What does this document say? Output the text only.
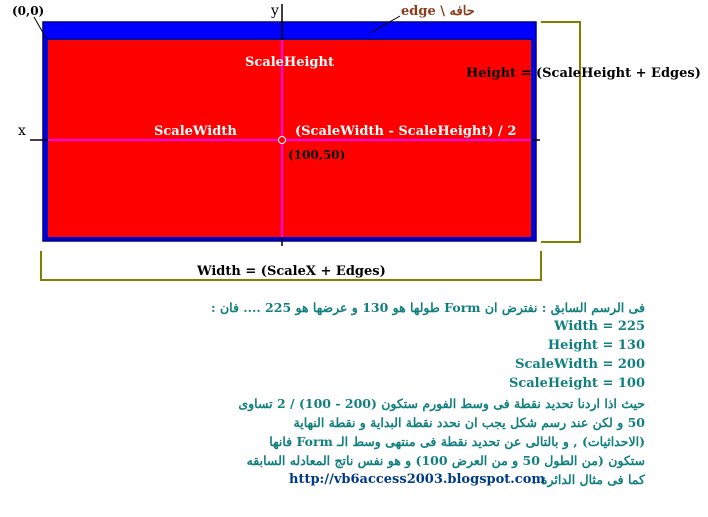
(0,0)	y
x
edge \ حافه
ScaleHeight
ScaleWidth	(ScaleWidth - ScaleHeight) / 2
(100,50)
Height = (ScaleHeight + Edges)
Width = (ScaleX + Edges)
فى الرسم السابق : نفترض ان Form طولها هو 130 و عرضها هو 225 .... فان :
Width = 225
Height = 130
ScaleWidth = 200
ScaleHeight = 100
حيث اذا اردنا تحديد نقطة فى وسط الفورم ستكون (200 - 100) / 2 تساوى 50 و لكن عند رسم شكل يجب ان نحدد نقطة البداية و نقطة النهاية (الاحداثيات) , و بالتالى عن تحديد نقطة فى منتهى وسط الـ Form فانها ستكون (من الطول 50 و من العرض 100) و هو نفس ناتج المعادله السابقه كما فى مثال الدائرة .
http://vb6access2003.blogspot.com
